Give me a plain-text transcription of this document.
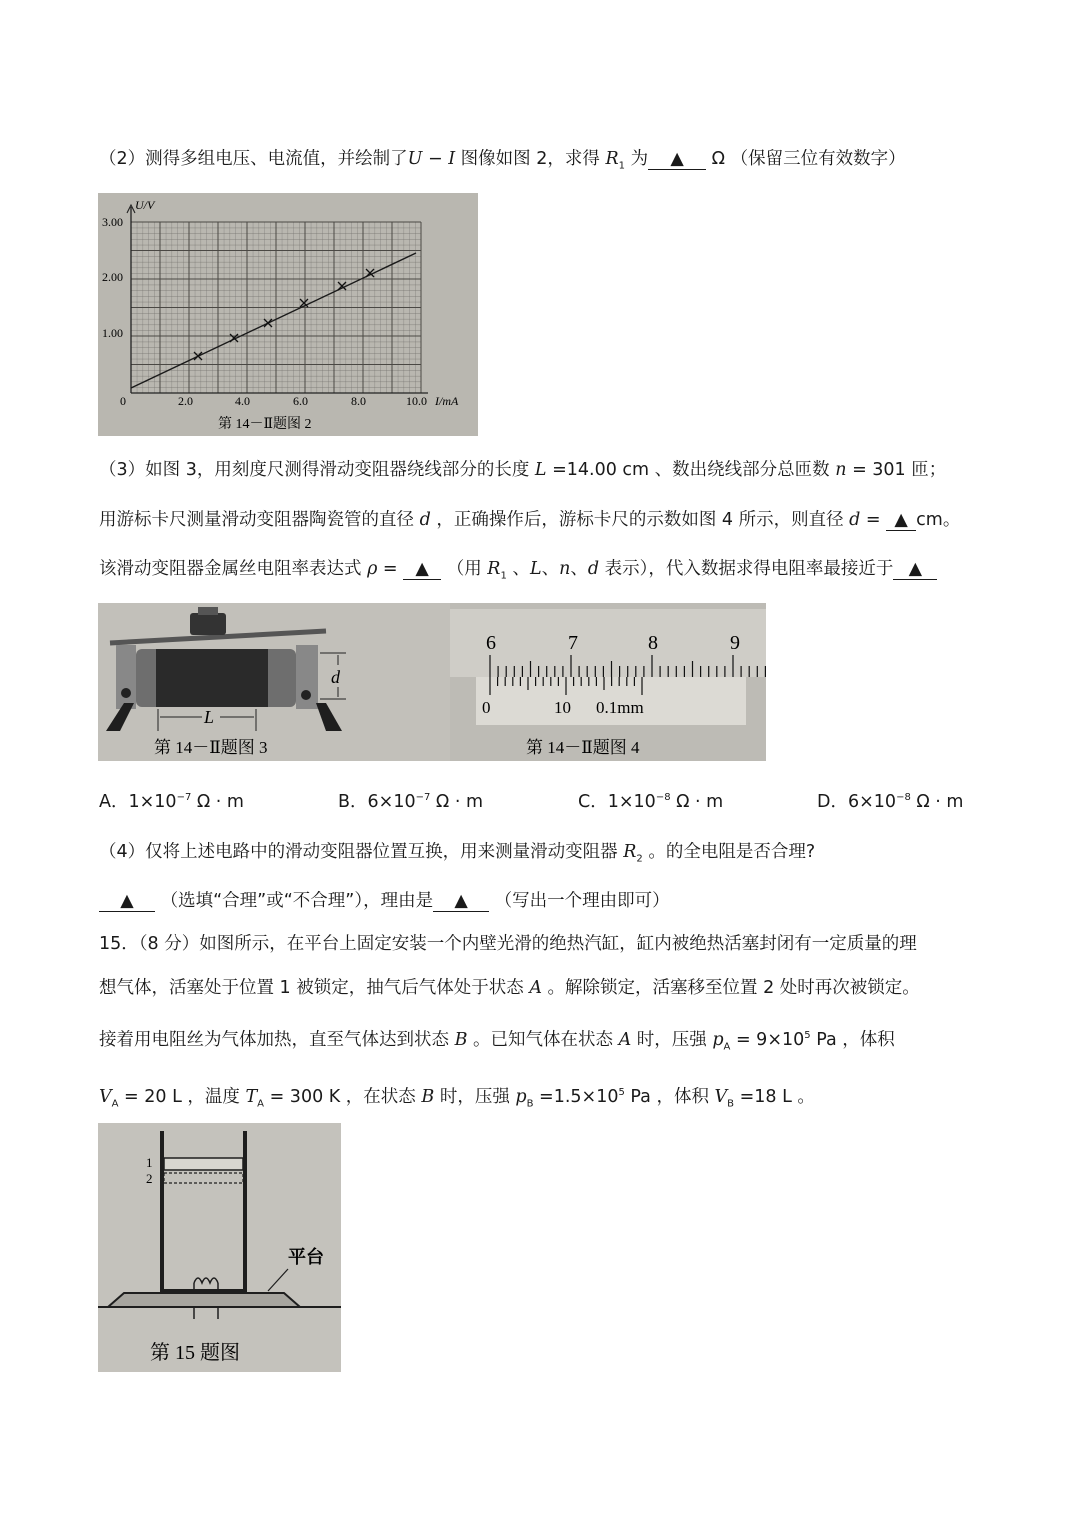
（2）测得多组电压、电流值，并绘制了U − I 图像如图 2，求得 $R_1$ 为 ▲ Ω （保留三位有效数字）
U/V
3.00
2.00
1.00
0	2.0	4.0	6.0	8.0	10.0 I/mA
第 14－Ⅱ题图 2
（3）如图 3，用刻度尺测得滑动变阻器绕线部分的长度 L =14.00 cm 、数出绕线部分总匝数 n = 301 匝；
用游标卡尺测量滑动变阻器陶瓷管的直径 d ，正确操作后，游标卡尺的示数如图 4 所示，则直径 d = ▲ cm。
该滑动变阻器金属丝电阻率表达式 ρ = ▲ （用 $R_1$ 、L、n、d 表示），代入数据求得电阻率最接近于 ▲
L
d
第 14－Ⅱ题图 3
6	7	8	9
0	10 0.1mm
第 14－Ⅱ题图 4
A．$1\times 10^{-7}$ Ω · m	B．$6\times 10^{-7}$ Ω · m	C．$1\times 10^{-8}$ Ω · m	D．$6\times 10^{-8}$ Ω · m
（4）仅将上述电路中的滑动变阻器位置互换，用来测量滑动变阻器 $R_2$ 。的全电阻是否合理?
▲ （选填“合理”或“不合理”），理由是 ▲ （写出一个理由即可）
15．（8 分）如图所示，在平台上固定安装一个内壁光滑的绝热汽缸，缸内被绝热活塞封闭有一定质量的理
想气体，活塞处于位置 1 被锁定，抽气后气体处于状态 A 。解除锁定，活塞移至位置 2 处时再次被锁定。
接着用电阻丝为气体加热，直至气体达到状态 B 。已知气体在状态 A 时，压强 $p_A = 9\times 10^5$ Pa ，体积
$V_A = 20$ L ，温度 $T_A = 300$ K ，在状态 B 时，压强 $p_B =1.5\times 10^5$ Pa ，体积 $V_B =18$ L 。
1
2
平台
第 15 题图
